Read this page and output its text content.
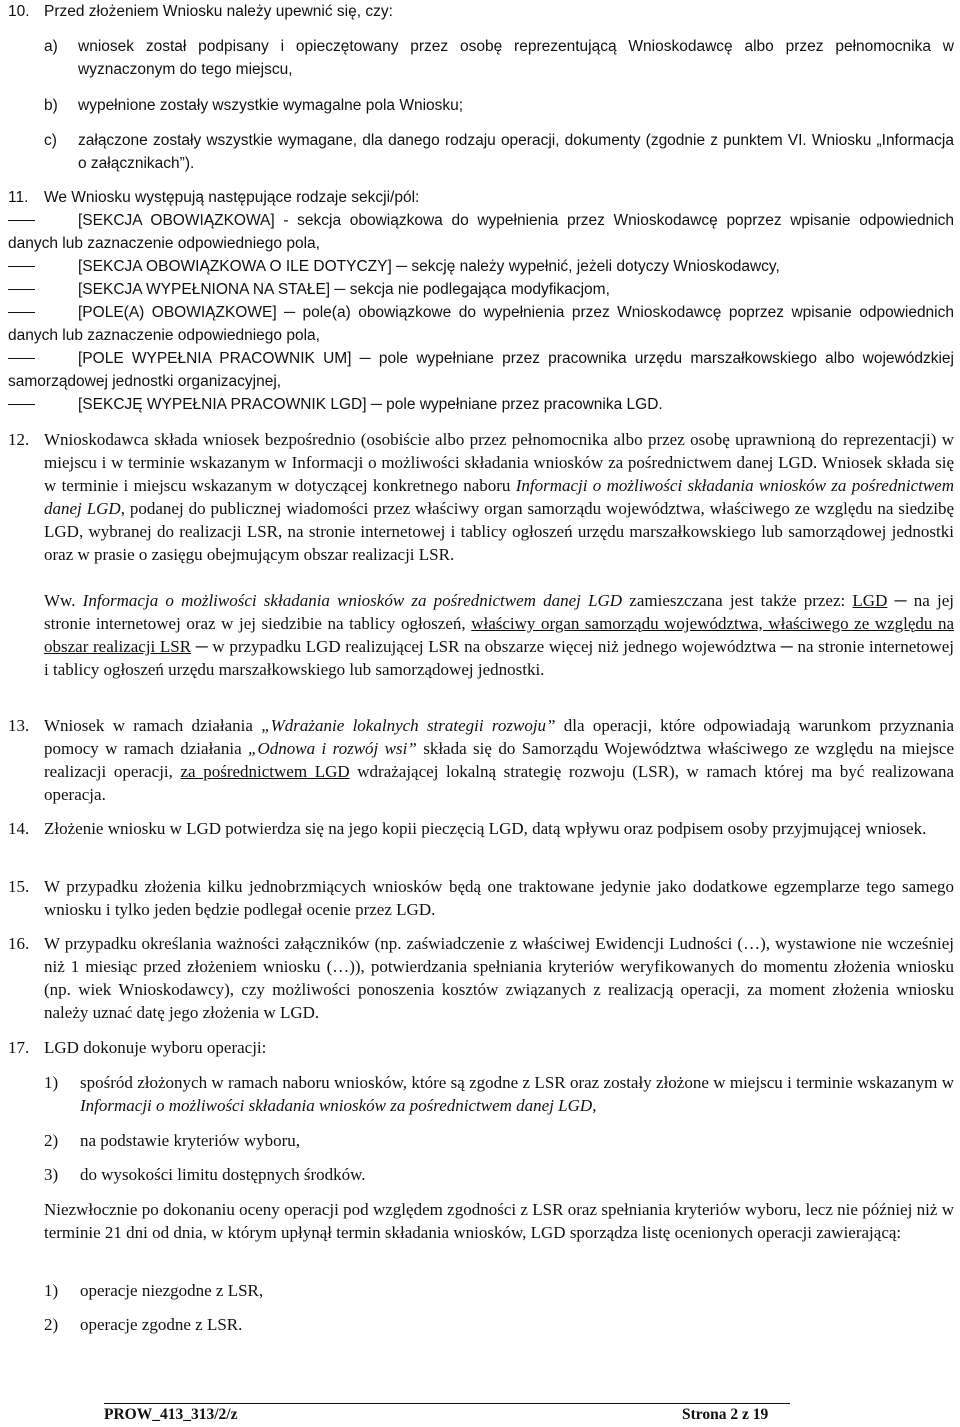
10. Przed złożeniem Wniosku należy upewnić się, czy:
a) wniosek został podpisany i opieczętowany przez osobę reprezentującą Wnioskodawcę albo przez pełnomocnika w wyznaczonym do tego miejscu,
b) wypełnione zostały wszystkie wymagalne pola Wniosku;
c) załączone zostały wszystkie wymagane, dla danego rodzaju operacji, dokumenty (zgodnie z punktem VI. Wniosku „Informacja o załącznikach”).
11. We Wniosku występują następujące rodzaje sekcji/pól:
[SEKCJA OBOWIĄZKOWA] - sekcja obowiązkowa do wypełnienia przez Wnioskodawcę poprzez wpisanie odpowiednich danych lub zaznaczenie odpowiedniego pola,
[SEKCJA OBOWIĄZKOWA O ILE DOTYCZY] ─ sekcję należy wypełnić, jeżeli dotyczy Wnioskodawcy,
[SEKCJA WYPEŁNIONA NA STAŁE] ─ sekcja nie podlegająca modyfikacjom,
[POLE(A) OBOWIĄZKOWE] ─ pole(a) obowiązkowe do wypełnienia przez Wnioskodawcę poprzez wpisanie odpowiednich danych lub zaznaczenie odpowiedniego pola,
[POLE WYPEŁNIA PRACOWNIK UM] ─ pole wypełniane przez pracownika urzędu marszałkowskiego albo wojewódzkiej samorządowej jednostki organizacyjnej,
[SEKCJĘ WYPEŁNIA PRACOWNIK LGD] ─ pole wypełniane przez pracownika LGD.
12. Wnioskodawca składa wniosek bezpośrednio (osobiście albo przez pełnomocnika albo przez osobę uprawnioną do reprezentacji) w miejscu i w terminie wskazanym w Informacji o możliwości składania wniosków za pośrednictwem danej LGD. Wniosek składa się w terminie i miejscu wskazanym w dotyczącej konkretnego naboru Informacji o możliwości składania wniosków za pośrednictwem danej LGD, podanej do publicznej wiadomości przez właściwy organ samorządu województwa, właściwego ze względu na siedzibę LGD, wybranej do realizacji LSR, na stronie internetowej i tablicy ogłoszeń urzędu marszałkowskiego lub samorządowej jednostki oraz w prasie o zasięgu obejmującym obszar realizacji LSR.
Ww. Informacja o możliwości składania wniosków za pośrednictwem danej LGD zamieszczana jest także przez: LGD ─ na jej stronie internetowej oraz w jej siedzibie na tablicy ogłoszeń, właściwy organ samorządu województwa, właściwego ze względu na obszar realizacji LSR ─ w przypadku LGD realizującej LSR na obszarze więcej niż jednego województwa ─ na stronie internetowej i tablicy ogłoszeń urzędu marszałkowskiego lub samorządowej jednostki.
13. Wniosek w ramach działania „Wdrażanie lokalnych strategii rozwoju” dla operacji, które odpowiadają warunkom przyznania pomocy w ramach działania „Odnowa i rozwój wsi” składa się do Samorządu Województwa właściwego ze względu na miejsce realizacji operacji, za pośrednictwem LGD wdrażającej lokalną strategię rozwoju (LSR), w ramach której ma być realizowana operacja.
14. Złożenie wniosku w LGD potwierdza się na jego kopii pieczęcią LGD, datą wpływu oraz podpisem osoby przyjmującej wniosek.
15. W przypadku złożenia kilku jednobrzmiących wniosków będą one traktowane jedynie jako dodatkowe egzemplarze tego samego wniosku i tylko jeden będzie podlegał ocenie przez LGD.
16. W przypadku określania ważności załączników (np. zaświadczenie z właściwej Ewidencji Ludności (…), wystawione nie wcześniej niż 1 miesiąc przed złożeniem wniosku (…)), potwierdzania spełniania kryteriów weryfikowanych do momentu złożenia wniosku (np. wiek Wnioskodawcy), czy możliwości ponoszenia kosztów związanych z realizacją operacji, za moment złożenia wniosku należy uznać datę jego złożenia w LGD.
17. LGD dokonuje wyboru operacji:
1) spośród złożonych w ramach naboru wniosków, które są zgodne z LSR oraz zostały złożone w miejscu i terminie wskazanym w Informacji o możliwości składania wniosków za pośrednictwem danej LGD,
2) na podstawie kryteriów wyboru,
3) do wysokości limitu dostępnych środków.
Niezwłocznie po dokonaniu oceny operacji pod względem zgodności z LSR oraz spełniania kryteriów wyboru, lecz nie później niż w terminie 21 dni od dnia, w którym upłynął termin składania wniosków, LGD sporządza listę ocenionych operacji zawierającą:
1) operacje niezgodne z LSR,
2) operacje zgodne z LSR.
PROW_413_313/2/z	Strona 2 z 19
